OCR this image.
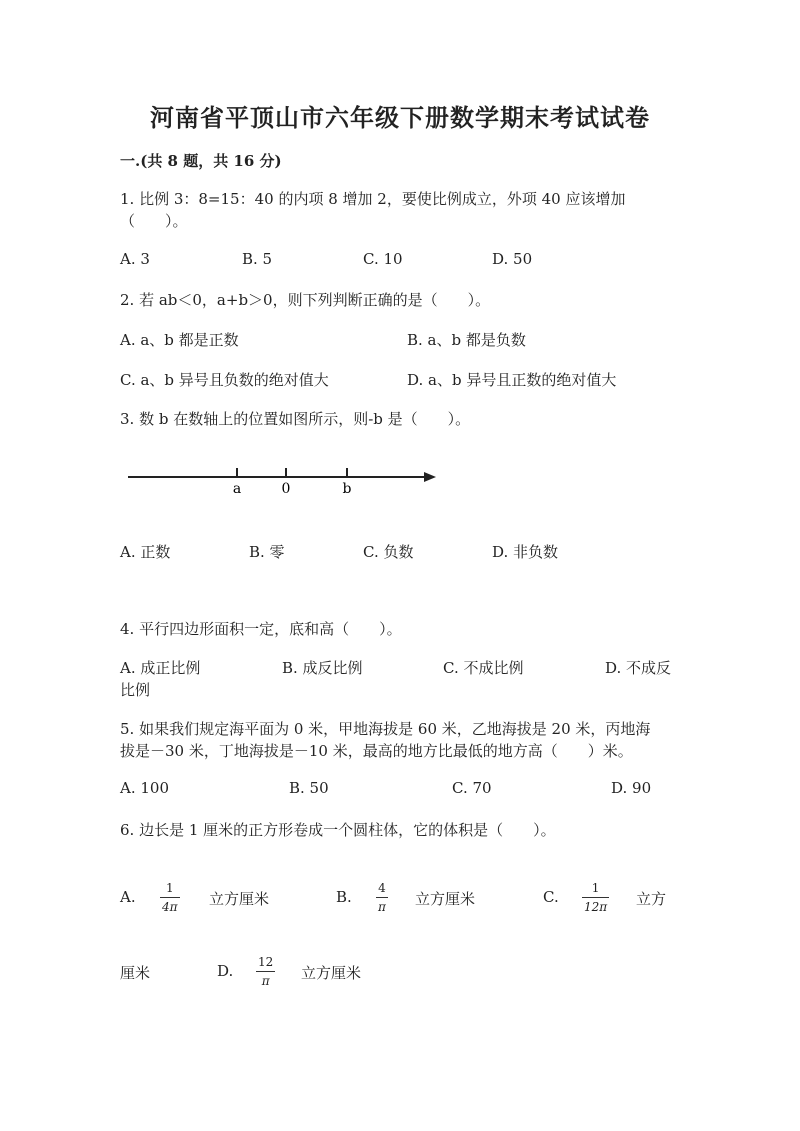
河南省平顶山市六年级下册数学期末考试试卷
一.(共 8 题，共 16 分)
1. 比例 3：8=15：40 的内项 8 增加 2，要使比例成立，外项 40 应该增加
（　　）。
A. 3	B. 5	C. 10	D. 50
2. 若 ab＜0，a+b＞0，则下列判断正确的是（　　）。
A. a、b 都是正数	B. a、b 都是负数
C. a、b 异号且负数的绝对值大	D. a、b 异号且正数的绝对值大
3. 数 b 在数轴上的位置如图所示，则-b 是（　　）。
a	0	b
A. 正数	B. 零	C. 负数	D. 非负数
4. 平行四边形面积一定，底和高（　　）。
A. 成正比例	B. 成反比例	C. 不成比例	D. 不成反
比例
5. 如果我们规定海平面为 0 米，甲地海拔是 60 米，乙地海拔是 20 米，丙地海
拔是－30 米，丁地海拔是－10 米，最高的地方比最低的地方高（　　）米。
A. 100	B. 50	C. 70	D. 90
6. 边长是 1 厘米的正方形卷成一个圆柱体，它的体积是（　　）。
A.	1
4π 立方厘米	B. 4
π 立方厘米	C.	1
12π 立方
厘米	D. 12
π 立方厘米
